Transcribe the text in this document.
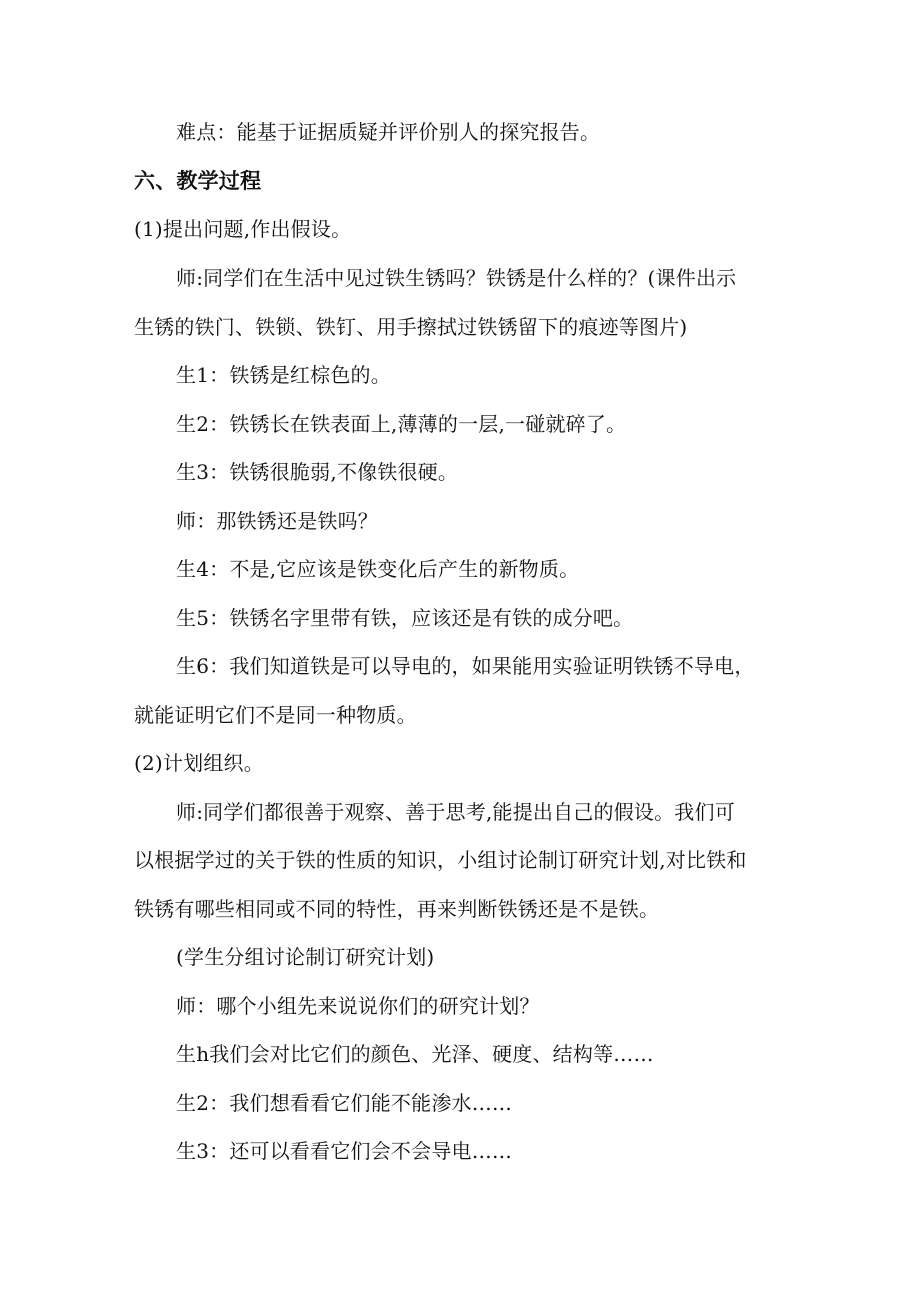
难点：能基于证据质疑并评价别人的探究报告。
六、教学过程
(1)提出问题,作出假设。
师:同学们在生活中见过铁生锈吗？铁锈是什么样的？(课件出示
生锈的铁门、铁锁、铁钉、用手擦拭过铁锈留下的痕迹等图片)
生1：铁锈是红棕色的。
生2：铁锈长在铁表面上,薄薄的一层,一碰就碎了。
生3：铁锈很脆弱,不像铁很硬。
师：那铁锈还是铁吗？
生4：不是,它应该是铁变化后产生的新物质。
生5：铁锈名字里带有铁，应该还是有铁的成分吧。
生6：我们知道铁是可以导电的，如果能用实验证明铁锈不导电，
就能证明它们不是同一种物质。
(2)计划组织。
师:同学们都很善于观察、善于思考,能提出自己的假设。我们可
以根据学过的关于铁的性质的知识，小组讨论制订研究计划,对比铁和
铁锈有哪些相同或不同的特性，再来判断铁锈还是不是铁。
(学生分组讨论制订研究计划)
师：哪个小组先来说说你们的研究计划？
生h我们会对比它们的颜色、光泽、硬度、结构等……
生2：我们想看看它们能不能渗水……
生3：还可以看看它们会不会导电……
